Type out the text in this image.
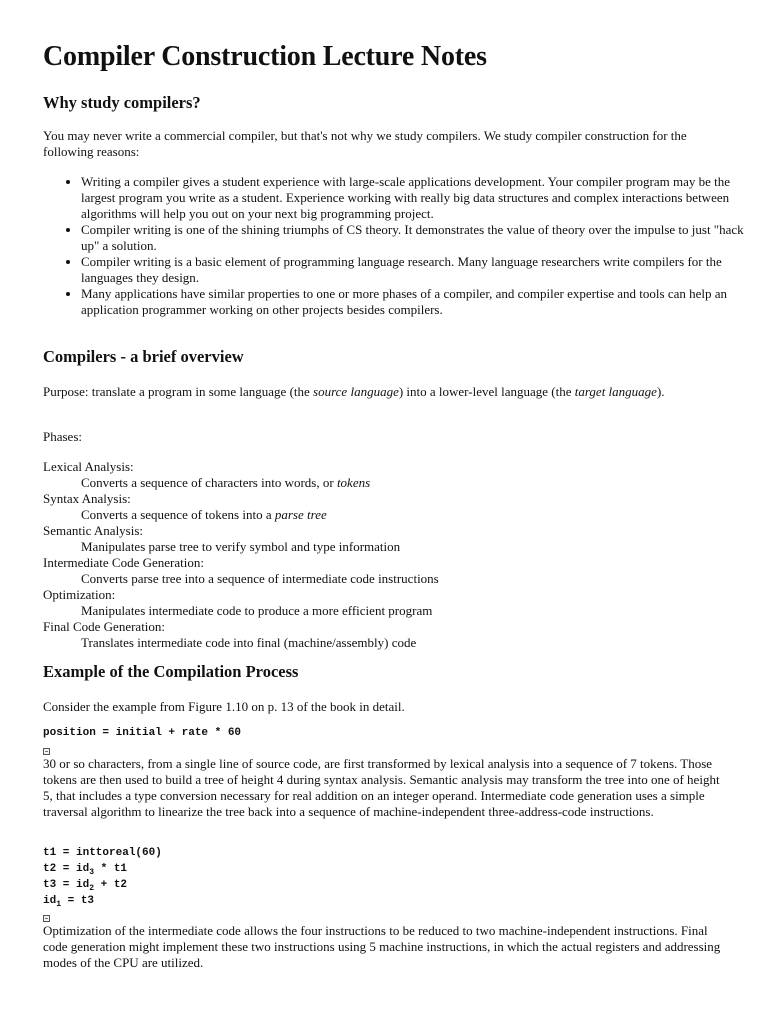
Compiler Construction Lecture Notes
Why study compilers?

You may never write a commercial compiler, but that's not why we study compilers. We study compiler construction for the following reasons:

• Writing a compiler gives a student experience with large-scale applications development. Your compiler program may be the largest program you write as a student. Experience working with really big data structures and complex interactions between algorithms will help you out on your next big programming project.
• Compiler writing is one of the shining triumphs of CS theory. It demonstrates the value of theory over the impulse to just "hack up" a solution.
• Compiler writing is a basic element of programming language research. Many language researchers write compilers for the languages they design.
• Many applications have similar properties to one or more phases of a compiler, and compiler expertise and tools can help an application programmer working on other projects besides compilers.
Compilers - a brief overview

Purpose: translate a program in some language (the source language) into a lower-level language (the target language).

Phases:

Lexical Analysis:
Converts a sequence of characters into words, or tokens
Syntax Analysis:
Converts a sequence of tokens into a parse tree
Semantic Analysis:
Manipulates parse tree to verify symbol and type information
Intermediate Code Generation:
Converts parse tree into a sequence of intermediate code instructions
Optimization:
Manipulates intermediate code to produce a more efficient program
Final Code Generation:
Translates intermediate code into final (machine/assembly) code
Example of the Compilation Process

Consider the example from Figure 1.10 on p. 13 of the book in detail.

position = initial + rate * 60

30 or so characters, from a single line of source code, are first transformed by lexical analysis into a sequence of 7 tokens. Those tokens are then used to build a tree of height 4 during syntax analysis. Semantic analysis may transform the tree into one of height 5, that includes a type conversion necessary for real addition on an integer operand. Intermediate code generation uses a simple traversal algorithm to linearize the tree back into a sequence of machine-independent three-address-code instructions.

t1 = inttoreal(60)
$t2 = id_3 * t1$
$t3 = id_2 + t2$
$id_1 = t3$

Optimization of the intermediate code allows the four instructions to be reduced to two machine-independent instructions. Final code generation might implement these two instructions using 5 machine instructions, in which the actual registers and addressing modes of the CPU are utilized.
